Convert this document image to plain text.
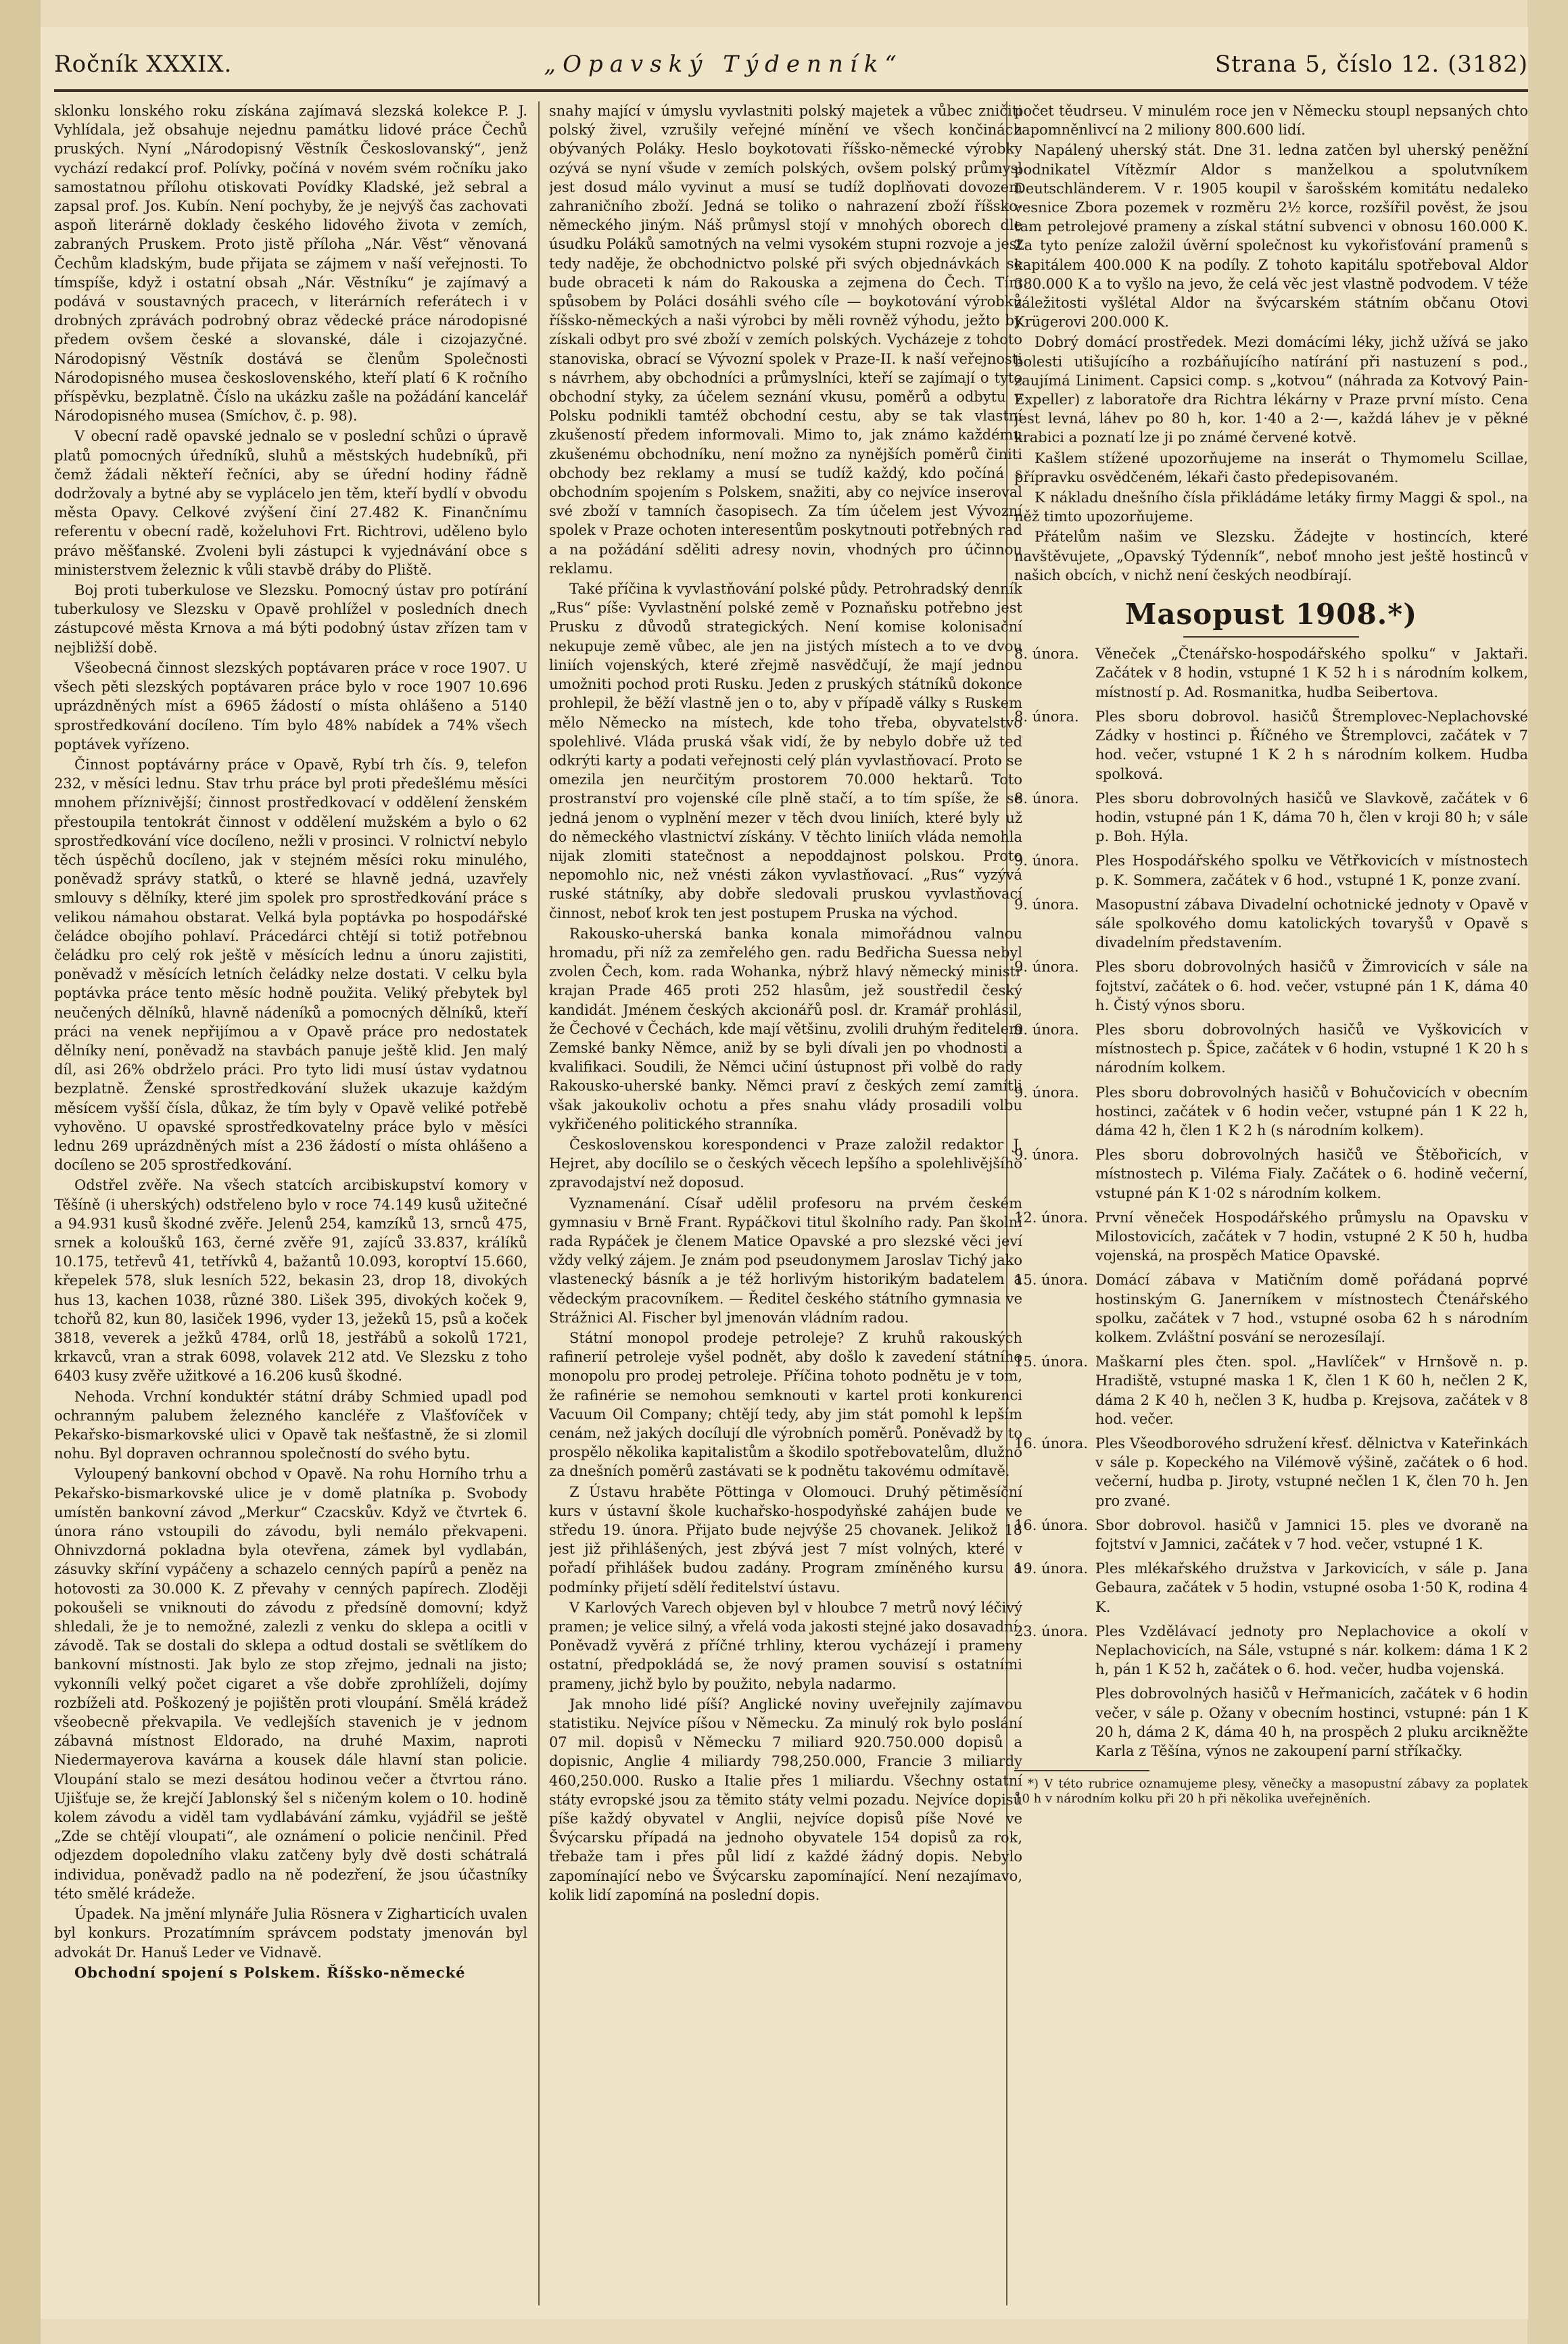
Ročník XXXIX.	„Opavský Týdenník“	Strana 5, číslo 12. (3182)

sklonku lonského roku získána zajímavá slezská kolekce P. J. Vyhlídala, jež obsahuje nejednu památku lidové práce Čechů pruských. Nyní „Národopisný Věstník Českoslovanský“, jenž vychází redakcí prof. Polívky, počíná v novém svém ročníku jako samostatnou přílohu otiskovati Povídky Kladské, jež sebral a zapsal prof. Jos. Kubín. Není pochyby, že je nejvýš čas zachovati aspoň literárně doklady českého lidového života v zemích, zabraných Pruskem. Proto jistě příloha „Nár. Věst“ věnovaná Čechům kladským, bude přijata se zájmem v naší veřejnosti. To tímspíše, když i ostatní obsah „Nár. Věstníku“ je zajímavý a podává v soustavných pracech, v literárních referátech i v drobných zprávách podrobný obraz vědecké práce národopisné předem ovšem české a slovanské, dále i cizojazyčné. Národopisný Věstník dostává se členům Společnosti Národopisného musea československého, kteří platí 6 K ročního příspěvku, bezplatně. Číslo na ukázku zašle na požádání kancelář Národopisného musea (Smíchov, č. p. 98).

V obecní radě opavské jednalo se v poslední schůzi o úpravě platů pomocných úředníků, sluhů a městských hudebníků, při čemž žádali někteří řečníci, aby se úřední hodiny řádně dodržovaly a bytné aby se vyplácelo jen těm, kteří bydlí v obvodu města Opavy. Celkové zvýšení činí 27.482 K. Finančnímu referentu v obecní radě, koželuhovi Frt. Richtrovi, uděleno bylo právo měšťanské. Zvoleni byli zástupci k vyjednávání obce s ministerstvem železnic k vůli stavbě dráby do Pliště.

Boj proti tuberkulose ve Slezsku. Pomocný ústav pro potírání tuberkulosy ve Slezsku v Opavě prohlížel v posledních dnech zástupcové města Krnova a má býti podobný ústav zřízen tam v nejbližší době.

Všeobecná činnost slezských poptávaren práce v roce 1907. U všech pěti slezských poptávaren práce bylo v roce 1907 10.696 uprázdněných míst a 6965 žádostí o místa ohlášeno a 5140 sprostředkování docíleno. Tím bylo 48% nabídek a 74% všech poptávek vyřízeno.

Činnost poptávárny práce v Opavě, Rybí trh čís. 9, telefon 232, v měsíci lednu. Stav trhu práce byl proti předešlému měsíci mnohem příznivější; činnost prostředkovací v oddělení ženském přestoupila tentokrát činnost v oddělení mužském a bylo o 62 sprostředkování více docíleno, nežli v prosinci. V rolnictví nebylo těch úspěchů docíleno, jak v stejném měsíci roku minulého, poněvadž správy statků, o které se hlavně jedná, uzavřely smlouvy s dělníky, které jim spolek pro sprostředkování práce s velikou námahou obstarat. Velká byla poptávka po hospodářské čeládce obojího pohlaví. Prácedárci chtějí si totiž potřebnou čeládku pro celý rok ještě v měsících lednu a únoru zajistiti, poněvadž v měsících letních čeládky nelze dostati. V celku byla poptávka práce tento měsíc hodně použita. Veliký přebytek byl neučených dělníků, hlavně nádeníků a pomocných dělníků, kteří práci na venek nepřijímou a v Opavě práce pro nedostatek dělníky není, poněvadž na stavbách panuje ještě klid. Jen malý díl, asi 26% obdrželo práci. Pro tyto lidi musí ústav vydatnou bezplatně. Ženské sprostředkování služek ukazuje každým měsícem vyšší čísla, důkaz, že tím byly v Opavě veliké potřebě vyhověno. U opavské sprostředkovatelny práce bylo v měsíci lednu 269 uprázdněných míst a 236 žádostí o místa ohlášeno a docíleno se 205 sprostředkování.

Odstřel zvěře. Na všech statcích arcibiskupství komory v Těšíně (i uherských) odstřeleno bylo v roce 74.149 kusů užitečné a 94.931 kusů škodné zvěře. Jelenů 254, kamzíků 13, srnců 475, srnek a koloušků 163, černé zvěře 91, zajíců 33.837, králíků 10.175, tetřevů 41, tetřívků 4, bažantů 10.093, koroptví 15.660, křepelek 578, sluk lesních 522, bekasin 23, drop 18, divokých hus 13, kachen 1038, různé 380. Lišek 395, divokých koček 9, tchořů 82, kun 80, lasiček 1996, vyder 13, ježeků 15, psů a koček 3818, veverek a ježků 4784, orlů 18, jestřábů a sokolů 1721, krkavců, vran a strak 6098, volavek 212 atd. Ve Slezsku z toho 6403 kusy zvěře užitkové a 16.206 kusů škodné.

Nehoda. Vrchní konduktér státní dráby Schmied upadl pod ochranným palubem železného kancléře z Vlašťovíček v Pekařsko-bismarkovské ulici v Opavě tak nešťastně, že si zlomil nohu. Byl dopraven ochrannou společností do svého bytu.

Vyloupený bankovní obchod v Opavě. Na rohu Horního trhu a Pekařsko-bismarkovské ulice je v domě platníka p. Svobody umístěn bankovní závod „Merkur“ Czacskův. Když ve čtvrtek 6. února ráno vstoupili do závodu, byli nemálo překvapeni. Ohnivzdorná pokladna byla otevřena, zámek byl vydlabán, zásuvky skříní vypáčeny a schazelo cenných papírů a peněz na hotovosti za 30.000 K. Z převahy v cenných papírech. Zloději pokoušeli se vniknouti do závodu z předsíně domovní; když shledali, že je to nemožné, zalezli z venku do sklepa a ocitli v závodě. Tak se dostali do sklepa a odtud dostali se světlíkem do bankovní místnosti. Jak bylo ze stop zřejmo, jednali na jisto; vykonníli velký počet cigaret a vše dobře zprohlíželi, dojímy rozbíželi atd. Poškozený je pojištěn proti vloupání. Smělá krádež všeobecně překvapila. Ve vedlejších stavenich je v jednom zábavná místnost Eldorado, na druhé Maxim, naproti Niedermayerova kavárna a kousek dále hlavní stan policie. Vloupání stalo se mezi desátou hodinou večer a čtvrtou ráno. Ujišťuje se, že krejčí Jablonský šel s ničeným kolem o 10. hodině kolem závodu a viděl tam vydlabávání zámku, vyjádřil se ještě „Zde se chtějí vloupati“, ale oznámení o policie nenčinil. Před odjezdem dopoledního vlaku zatčeny byly dvě dosti schátralá individua, poněvadž padlo na ně podezření, že jsou účastníky této smělé krádeže.

Úpadek. Na jmění mlynáře Julia Rösnera v Zigharticích uvalen byl konkurs. Prozatímním správcem podstaty jmenován byl advokát Dr. Hanuš Leder ve Vidnavě.

Obchodní spojení s Polskem. Říšsko-německé

snahy mající v úmyslu vyvlastniti polský majetek a vůbec zničiti polský živel, vzrušily veřejné mínění ve všech končinách obývaných Poláky. Heslo boykotovati říšsko-německé výrobky ozývá se nyní všude v zemích polských, ovšem polský průmysl jest dosud málo vyvinut a musí se tudíž doplňovati dovozem zahraničního zboží. Jedná se toliko o nahrazení zboží říšsko-německého jiným. Náš průmysl stojí v mnohých oborech dle úsudku Poláků samotných na velmi vysokém stupni rozvoje a jest tedy naděje, že obchodnictvo polské při svých objednávkách se bude obraceti k nám do Rakouska a zejmena do Čech. Tím spůsobem by Poláci dosáhli svého cíle — boykotování výrobků říšsko-německých a naši výrobci by měli rovněž výhodu, ježto by získali odbyt pro své zboží v zemích polských. Vycházeje z tohoto stanoviska, obrací se Vývozní spolek v Praze-II. k naší veřejnosti s návrhem, aby obchodníci a průmyslníci, kteří se zajímají o tyto obchodní styky, za účelem seznání vkusu, poměrů a odbytu v Polsku podnikli tamtéž obchodní cestu, aby se tak vlastní zkušeností předem informovali. Mimo to, jak známo každému zkušenému obchodníku, není možno za nynějších poměrů činiti obchody bez reklamy a musí se tudíž každý, kdo počíná s obchodním spojením s Polskem, snažiti, aby co nejvíce inseroval své zboží v tamních časopisech. Za tím účelem jest Vývozní spolek v Praze ochoten interesentům poskytnouti potřebných rad a na požádání sděliti adresy novin, vhodných pro účinnou reklamu.

Také příčina k vyvlastňování polské půdy. Petrohradský denník „Rus“ píše: Vyvlastnění polské země v Poznaňsku potřebno jest Prusku z důvodů strategických. Není komise kolonisační nekupuje země vůbec, ale jen na jistých místech a to ve dvou liniích vojenských, které zřejmě nasvědčují, že mají jednou umožniti pochod proti Rusku. Jeden z pruských státníků dokonce prohlepil, že běží vlastně jen o to, aby v případě války s Ruskem mělo Německo na místech, kde toho třeba, obyvatelstvo spolehlivé. Vláda pruská však vidí, že by nebylo dobře už teď odkrýti karty a podati veřejnosti celý plán vyvlastňovací. Proto se omezila jen neurčitým prostorem 70.000 hektarů. Toto prostranství pro vojenské cíle plně stačí, a to tím spíše, že se jedná jenom o vyplnění mezer v těch dvou liniích, které byly už do německého vlastnictví získány. V těchto liniích vláda nemohla nijak zlomiti statečnost a nepoddajnost polskou. Proto nepomohlo nic, než vnésti zákon vyvlastňovací. „Rus“ vyzývá ruské státníky, aby dobře sledovali pruskou vyvlastňovací činnost, neboť krok ten jest postupem Pruska na východ.

Rakousko-uherská banka konala mimořádnou valnou hromadu, při níž za zemřelého gen. radu Bedřicha Suessa nebyl zvolen Čech, kom. rada Wohanka, nýbrž hlavý německý ministr krajan Prade 465 proti 252 hlasům, jež soustředil český kandidát. Jménem českých akcionářů posl. dr. Kramář prohlásil, že Čechové v Čechách, kde mají většinu, zvolili druhým ředitelem Zemské banky Němce, aniž by se byli dívali jen po vhodnosti a kvalifikaci. Soudili, že Němci učiní ústupnost při volbě do rady Rakousko-uherské banky. Němci praví z českých zemí zamítli však jakoukoliv ochotu a přes snahu vlády prosadili volbu vykřičeného politického stranníka.

Československou korespondenci v Praze založil redaktor J. Hejret, aby docílilo se o českých věcech lepšího a spolehlivějšího zpravodajství než doposud.

Vyznamenání. Císař udělil profesoru na prvém českém gymnasiu v Brně Frant. Rypáčkovi titul školního rady. Pan školní rada Rypáček je členem Matice Opavské a pro slezské věci jeví vždy velký zájem. Je znám pod pseudonymem Jaroslav Tichý jako vlastenecký básník a je též horlivým historikým badatelem a vědeckým pracovníkem. — Ředitel českého státního gymnasia ve Strážnici Al. Fischer byl jmenován vládním radou.

Státní monopol prodeje petroleje? Z kruhů rakouských rafinerií petroleje vyšel podnět, aby došlo k zavedení státního monopolu pro prodej petroleje. Příčina tohoto podnětu je v tom, že rafinérie se nemohou semknouti v kartel proti konkurenci Vacuum Oil Company; chtějí tedy, aby jim stát pomohl k lepším cenám, než jakých docílují dle výrobních poměrů. Poněvadž by to prospělo několika kapitalistům a škodilo spotřebovatelům, dlužno za dnešních poměrů zastávati se k podnětu takovému odmítavě.

Z Ústavu hraběte Pöttinga v Olomouci. Druhý pětiměsíční kurs v ústavní škole kuchařsko-hospodyňské zahájen bude ve středu 19. února. Přijato bude nejvýše 25 chovanek. Jelikož 18 jest již přihlášených, jest zbývá jest 7 míst volných, které v pořadí přihlášek budou zadány. Program zmíněného kursu a podmínky přijetí sdělí ředitelství ústavu.

V Karlových Varech objeven byl v hloubce 7 metrů nový léčivý pramen; je velice silný, a vřelá voda jakosti stejné jako dosavadní. Poněvadž vyvěrá z příčné trhliny, kterou vycházejí i prameny ostatní, předpokládá se, že nový pramen souvisí s ostatními prameny, jichž bylo by použito, nebyla nadarmo.

Jak mnoho lidé píší? Anglické noviny uveřejnily zajímavou statistiku. Nejvíce píšou v Německu. Za minulý rok bylo poslání 07 mil. dopisů v Německu 7 miliard 920.750.000 dopisů a dopisnic, Anglie 4 miliardy 798,250.000, Francie 3 miliardy 460,250.000. Rusko a Italie přes 1 miliardu. Všechny ostatní státy evropské jsou za těmito státy velmi pozadu. Nejvíce dopisů píše každý obyvatel v Anglii, nejvíce dopisů píše Nové ve Švýcarsku případá na jednoho obyvatele 154 dopisů za rok, třebaže tam i přes půl lidí z každé žádný dopis. Nebylo zapomínající nebo ve Švýcarsku zapomínající. Není nezajímavo, kolik lidí zapomíná na poslední dopis.

počet těudrseu. V minulém roce jen v Německu stoupl nepsaných chto zapomněnlivcí na 2 miliony 800.600 lidí.

Napálený uherský stát. Dne 31. ledna zatčen byl uherský peněžní podnikatel Vítězmír Aldor s manželkou a spolutvníkem Deutschländerem. V r. 1905 koupil v šarošském komitátu nedaleko vesnice Zbora pozemek v rozměru 2½ korce, rozšířil pověst, že jsou tam petrolejové prameny a získal státní subvenci v obnosu 160.000 K. Za tyto peníze založil úvěrní společnost ku vykořisťování pramenů s kapitálem 400.000 K na podíly. Z tohoto kapitálu spotřeboval Aldor 380.000 K a to vyšlo na jevo, že celá věc jest vlastně podvodem. V téže záležitosti vyšlétal Aldor na švýcarském státním občanu Otovi Krügerovi 200.000 K.

Dobrý domácí prostředek. Mezi domácími léky, jichž užívá se jako bolesti utišujícího a rozbáňujícího natírání při nastuzení s pod., zaujímá Liniment. Capsici comp. s „kotvou“ (náhrada za Kotvový Pain-Expeller) z laboratoře dra Richtra lékárny v Praze první místo. Cena jest levná, láhev po 80 h, kor. 1·40 a 2·—, každá láhev je v pěkné krabici a poznatí lze ji po známé červené kotvě.

Kašlem stížené upozorňujeme na inserát o Thymomelu Scillae, přípravku osvědčeném, lékaři často předepisovaném.

K nákladu dnešního čísla přikládáme letáky firmy Maggi & spol., na něž timto upozorňujeme.

Přátelům našim ve Slezsku. Žádejte v hostincích, které navštěvujete, „Opavský Týdenník“, neboť mnoho jest ještě hostinců v našich obcích, v nichž není českých neodbírají.

Masopust 1908.*)
8. února.	Věneček „Čtenářsko-hospodářského spolku“ v Jaktaři. Začátek v 8 hodin, vstupné 1 K 52 h i s národním kolkem, místností p. Ad. Rosmanitka, hudba Seibertova.
8. února.	Ples sboru dobrovol. hasičů Štremplovec-Neplachovské Zádky v hostinci p. Říčného ve Štremplovci, začátek v 7 hod. večer, vstupné 1 K 2 h s národním kolkem. Hudba spolková.
8. února.	Ples sboru dobrovolných hasičů ve Slavkově, začátek v 6 hodin, vstupné pán 1 K, dáma 70 h, člen v kroji 80 h; v sále p. Boh. Hýla.
9. února.	Ples Hospodářského spolku ve Větřkovicích v místnostech p. K. Sommera, začátek v 6 hod., vstupné 1 K, ponze zvaní.
9. února.	Masopustní zábava Divadelní ochotnické jednoty v Opavě v sále spolkového domu katolických tovaryšů v Opavě s divadelním představením.
9. února.	Ples sboru dobrovolných hasičů v Žimrovicích v sále na fojtství, začátek o 6. hod. večer, vstupné pán 1 K, dáma 40 h. Čistý výnos sboru.
9. února.	Ples sboru dobrovolných hasičů ve Vyškovicích v místnostech p. Špice, začátek v 6 hodin, vstupné 1 K 20 h s národním kolkem.
9. února.	Ples sboru dobrovolných hasičů v Bohučovicích v obecním hostinci, začátek v 6 hodin večer, vstupné pán 1 K 22 h, dáma 42 h, člen 1 K 2 h (s národním kolkem).
9. února.	Ples sboru dobrovolných hasičů ve Štěbořicích, v místnostech p. Viléma Fialy. Začátek o 6. hodině večerní, vstupné pán K 1·02 s národním kolkem.
12. února. První věneček Hospodářského průmyslu na Opavsku v Milostovicích, začátek v 7 hodin, vstupné 2 K 50 h, hudba vojenská, na prospěch Matice Opavské.
15. února. Domácí zábava v Matičním domě pořádaná poprvé hostinským G. Janerníkem v místnostech Čtenářského spolku, začátek v 7 hod., vstupné osoba 62 h s národním kolkem. Zvláštní posvání se nerozesílají.
15. února. Maškarní ples čten. spol. „Havlíček“ v Hrnšově n. p. Hradiště, vstupné maska 1 K, člen 1 K 60 h, nečlen 2 K, dáma 2 K 40 h, nečlen 3 K, hudba p. Krejsova, začátek v 8 hod. večer.
16. února. Ples Všeodborového sdružení křesť. dělnictva v Kateřinkách v sále p. Kopeckého na Vilémově výšině, začátek o 6 hod. večerní, hudba p. Jiroty, vstupné nečlen 1 K, člen 70 h. Jen pro zvané.
16. února. Sbor dobrovol. hasičů v Jamnici 15. ples ve dvoraně na fojtství v Jamnici, začátek v 7 hod. večer, vstupné 1 K.
19. února. Ples mlékařského družstva v Jarkovicích, v sále p. Jana Gebaura, začátek v 5 hodin, vstupné osoba 1·50 K, rodina 4 K.
23. února. Ples Vzdělávací jednoty pro Neplachovice a okolí v Neplachovicích, na Sále, vstupné s nár. kolkem: dáma 1 K 2 h, pán 1 K 52 h, začátek o 6. hod. večer, hudba vojenská.
Ples dobrovolných hasičů v Heřmanicích, začátek v 6 hodin večer, v sále p. Ožany v obecním hostinci, vstupné: pán 1 K 20 h, dáma 2 K, dáma 40 h, na prospěch 2 pluku arcikněžte Karla z Těšína, výnos ne zakoupení parní stříkačky.
*) V této rubrice oznamujeme plesy, věnečky a masopustní zábavy za poplatek 10 h v národním kolku při 20 h při několika uveřejněních.
